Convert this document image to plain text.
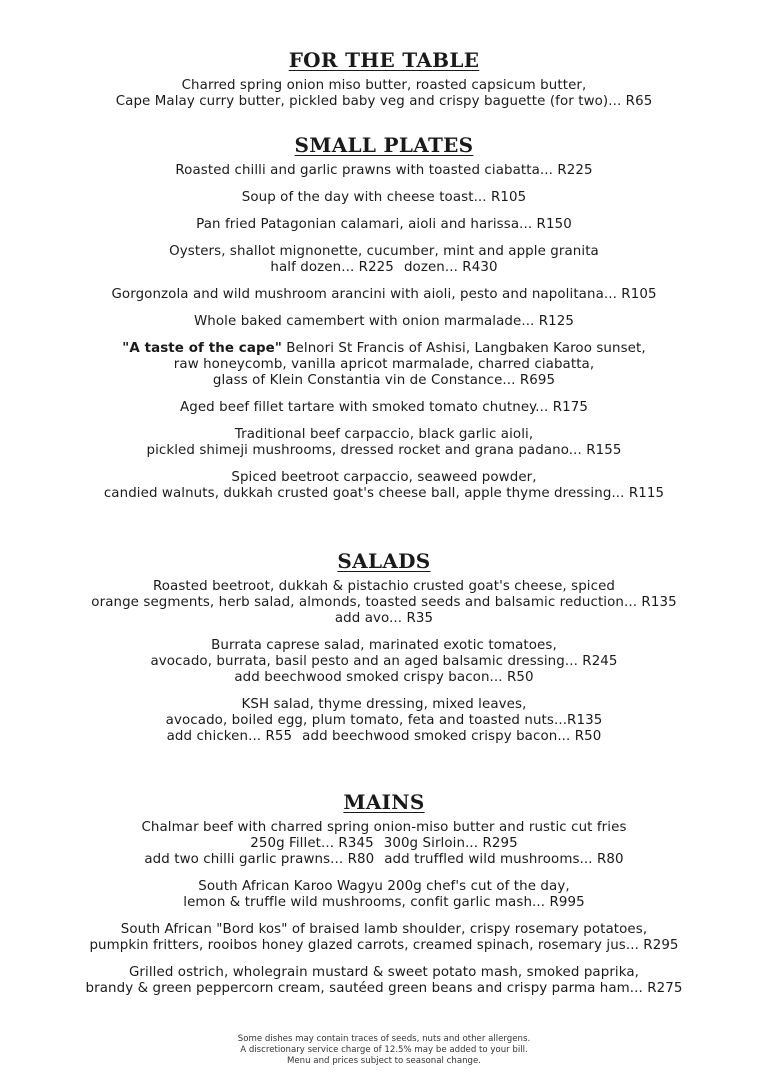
FOR THE TABLE
Charred spring onion miso butter, roasted capsicum butter,
Cape Malay curry butter, pickled baby veg and crispy baguette (for two)... R65
SMALL PLATES
Roasted chilli and garlic prawns with toasted ciabatta... R225
Soup of the day with cheese toast... R105
Pan fried Patagonian calamari, aioli and harissa... R150
Oysters, shallot mignonette, cucumber, mint and apple granita
half dozen... R225 dozen... R430
Gorgonzola and wild mushroom arancini with aioli, pesto and napolitana... R105
Whole baked camembert with onion marmalade... R125
"A taste of the cape" Belnori St Francis of Ashisi, Langbaken Karoo sunset,
raw honeycomb, vanilla apricot marmalade, charred ciabatta,
glass of Klein Constantia vin de Constance... R695
Aged beef fillet tartare with smoked tomato chutney... R175
Traditional beef carpaccio, black garlic aioli,
pickled shimeji mushrooms, dressed rocket and grana padano... R155
Spiced beetroot carpaccio, seaweed powder,
candied walnuts, dukkah crusted goat's cheese ball, apple thyme dressing... R115
SALADS
Roasted beetroot, dukkah & pistachio crusted goat's cheese, spiced
orange segments, herb salad, almonds, toasted seeds and balsamic reduction... R135
add avo... R35
Burrata caprese salad, marinated exotic tomatoes,
avocado, burrata, basil pesto and an aged balsamic dressing... R245
add beechwood smoked crispy bacon... R50
KSH salad, thyme dressing, mixed leaves,
avocado, boiled egg, plum tomato, feta and toasted nuts...R135
add chicken... R55 add beechwood smoked crispy bacon... R50
MAINS
Chalmar beef with charred spring onion-miso butter and rustic cut fries
250g Fillet... R345 300g Sirloin... R295
add two chilli garlic prawns... R80 add truffled wild mushrooms... R80
South African Karoo Wagyu 200g chef's cut of the day,
lemon & truffle wild mushrooms, confit garlic mash... R995
South African "Bord kos" of braised lamb shoulder, crispy rosemary potatoes,
pumpkin fritters, rooibos honey glazed carrots, creamed spinach, rosemary jus... R295
Grilled ostrich, wholegrain mustard & sweet potato mash, smoked paprika,
brandy & green peppercorn cream, sautéed green beans and crispy parma ham... R275
Some dishes may contain traces of seeds, nuts and other allergens.
A discretionary service charge of 12.5% may be added to your bill.
Menu and prices subject to seasonal change.
